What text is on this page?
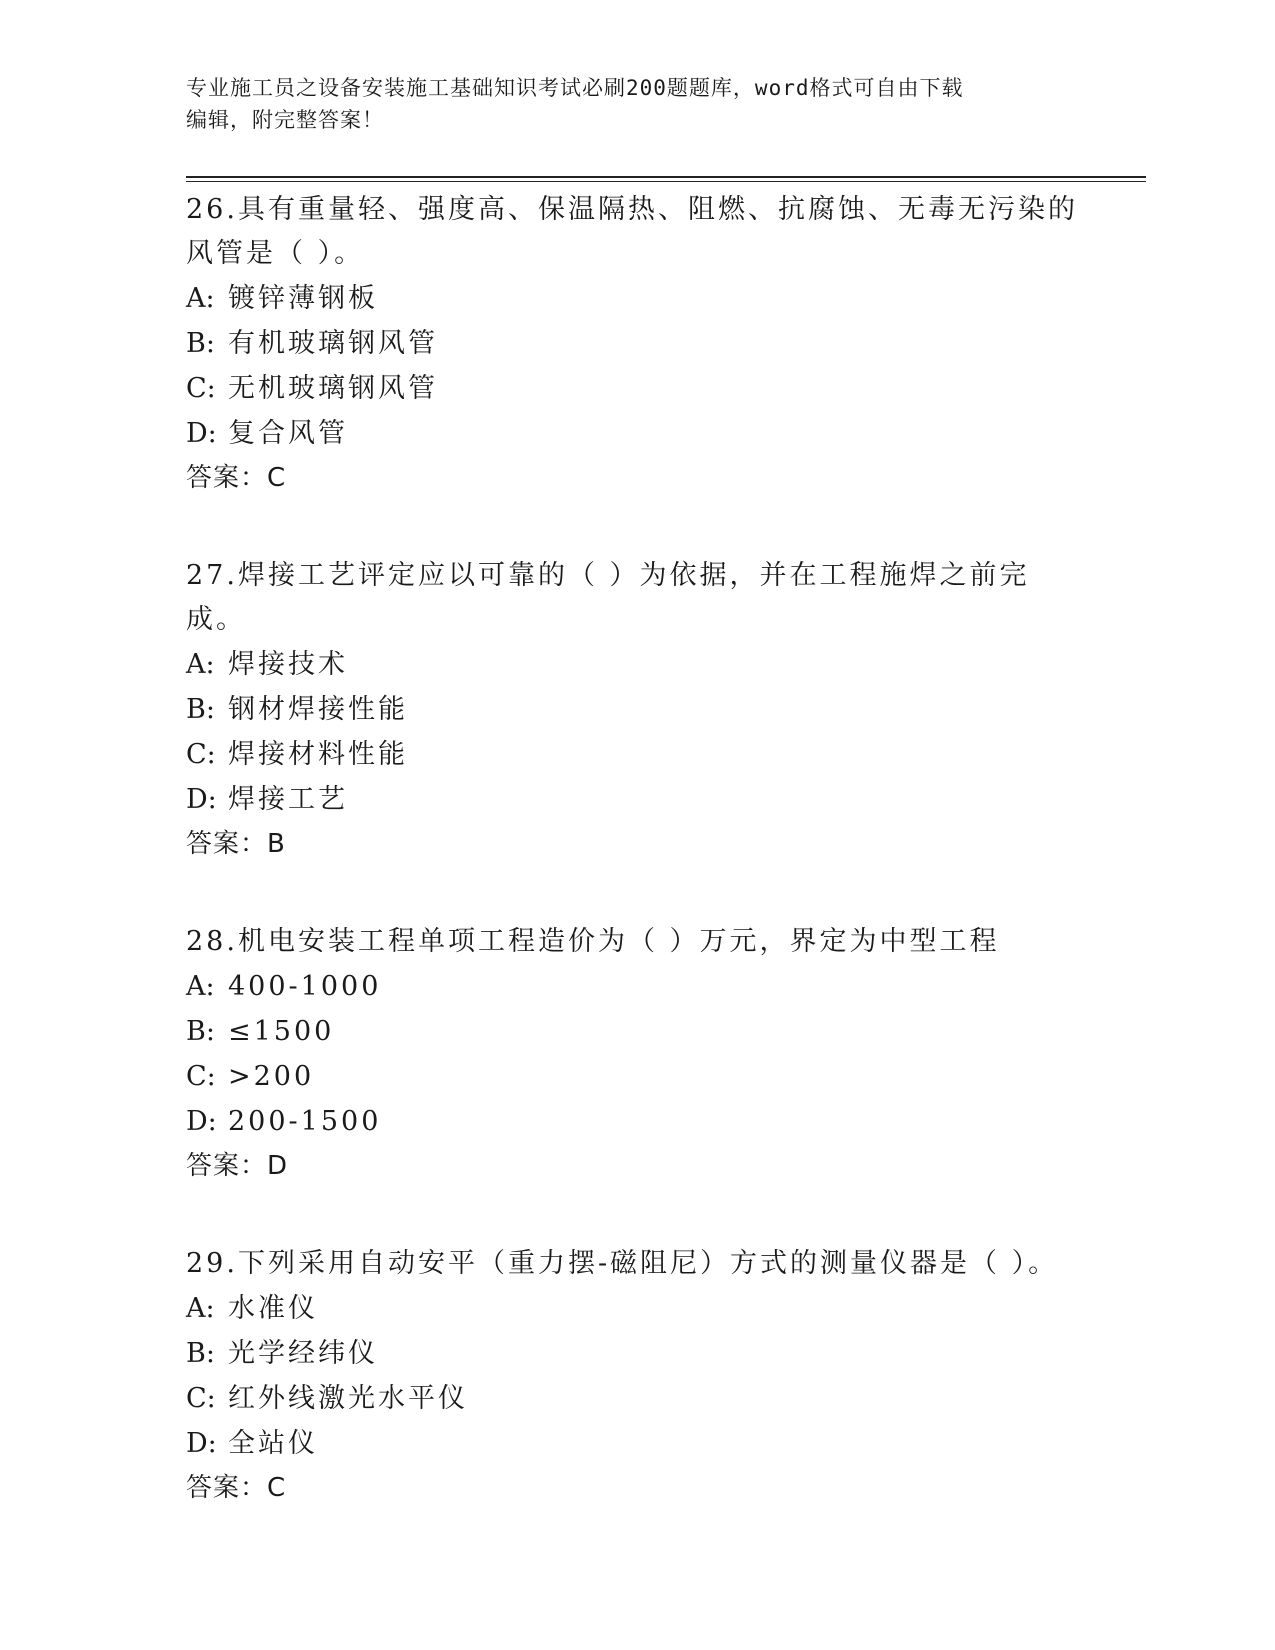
专业施工员之设备安装施工基础知识考试必刷200题题库，word格式可自由下载
编辑，附完整答案！

26.具有重量轻、强度高、保温隔热、阻燃、抗腐蚀、无毒无污染的风管是（ ）。

A: 镀锌薄钢板

B: 有机玻璃钢风管

C: 无机玻璃钢风管

D: 复合风管

答案：C

27.焊接工艺评定应以可靠的（ ）为依据，并在工程施焊之前完成。

A: 焊接技术

B: 钢材焊接性能

C: 焊接材料性能

D: 焊接工艺

答案：B

28.机电安装工程单项工程造价为（ ）万元，界定为中型工程

A: 400-1000

B: ≤1500

C: >200

D: 200-1500

答案：D

29.下列采用自动安平（重力摆-磁阻尼）方式的测量仪器是（ ）。

A: 水准仪

B: 光学经纬仪

C: 红外线激光水平仪

D: 全站仪

答案：C
